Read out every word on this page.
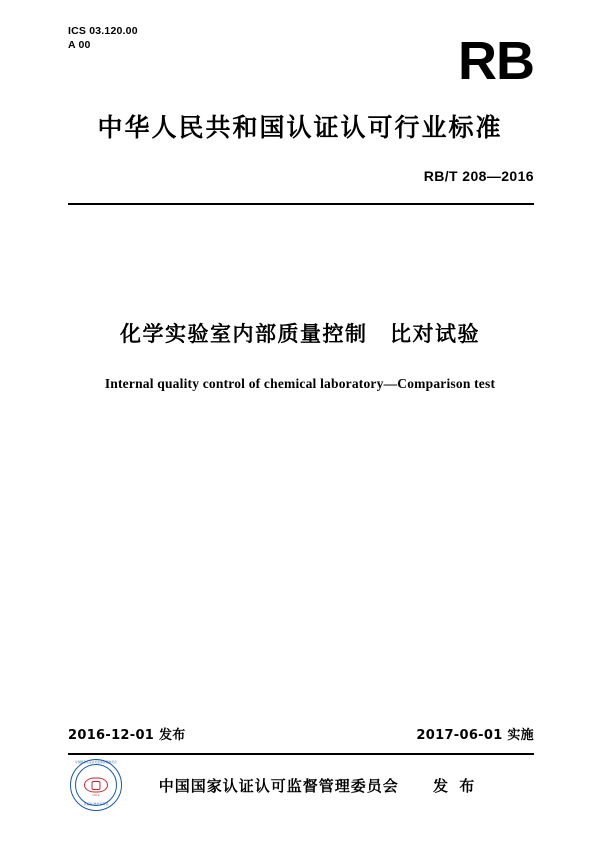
ICS 03.120.00
A 00	RB
中华人民共和国认证认可行业标准
RB/T 208—2016
化学实验室内部质量控制　比对试验
Internal quality control of chemical laboratory—Comparison test
2016-12-01 发布	2017-06-01 实施
中国国家认证认可监督管理委员会
CNCA
认证标 准化专用章
中国国家认证认可监督管理委员会 发 布
